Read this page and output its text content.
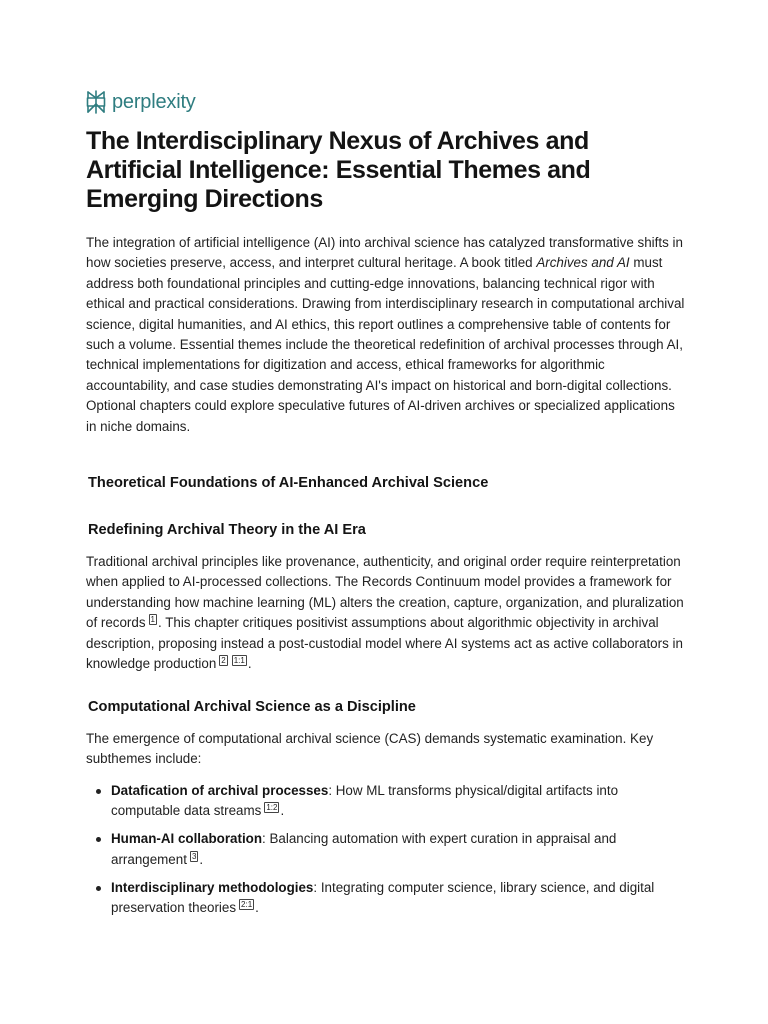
perplexity
The Interdisciplinary Nexus of Archives and Artificial Intelligence: Essential Themes and Emerging Directions

The integration of artificial intelligence (AI) into archival science has catalyzed transformative shifts in how societies preserve, access, and interpret cultural heritage. A book titled Archives and AI must address both foundational principles and cutting-edge innovations, balancing technical rigor with ethical and practical considerations. Drawing from interdisciplinary research in computational archival science, digital humanities, and AI ethics, this report outlines a comprehensive table of contents for such a volume. Essential themes include the theoretical redefinition of archival processes through AI, technical implementations for digitization and access, ethical frameworks for algorithmic accountability, and case studies demonstrating AI's impact on historical and born-digital collections. Optional chapters could explore speculative futures of AI-driven archives or specialized applications in niche domains.

Theoretical Foundations of AI-Enhanced Archival Science
Redefining Archival Theory in the AI Era

Traditional archival principles like provenance, authenticity, and original order require reinterpretation when applied to AI-processed collections. The Records Continuum model provides a framework for understanding how machine learning (ML) alters the creation, capture, organization, and pluralization of records 1 . This chapter critiques positivist assumptions about algorithmic objectivity in archival description, proposing instead a post-custodial model where AI systems act as active collaborators in knowledge production 2 1:1 .

Computational Archival Science as a Discipline

The emergence of computational archival science (CAS) demands systematic examination. Key subthemes include:

Datafication of archival processes: How ML transforms physical/digital artifacts into computable data streams 1:2 .
Human-AI collaboration: Balancing automation with expert curation in appraisal and arrangement 3 .
Interdisciplinary methodologies: Integrating computer science, library science, and digital preservation theories 2:1 .
